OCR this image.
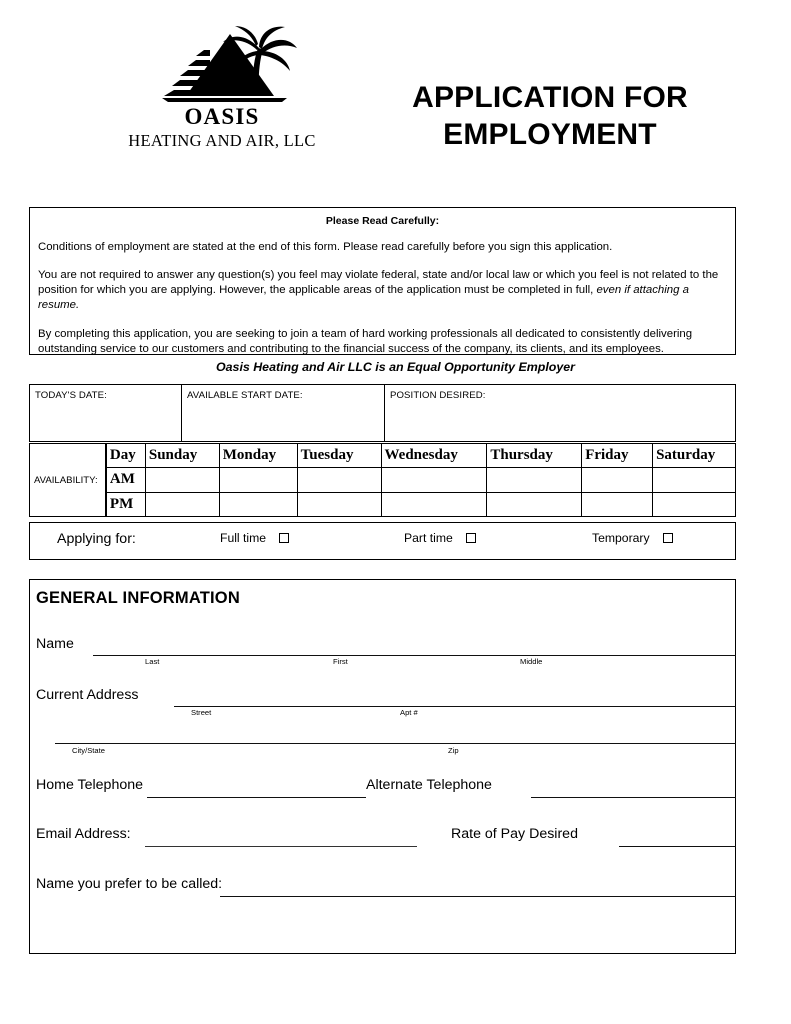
OASIS
HEATING AND AIR, LLC
APPLICATION FOR
EMPLOYMENT
Please Read Carefully:

Conditions of employment are stated at the end of this form. Please read carefully before you sign this application.

You are not required to answer any question(s) you feel may violate federal, state and/or local law or which you feel is not related to the position for which you are applying. However, the applicable areas of the application must be completed in full, even if attaching a resume.

By completing this application, you are seeking to join a team of hard working professionals all dedicated to consistently delivering outstanding service to our customers and contributing to the financial success of the company, its clients, and its employees.

Oasis Heating and Air LLC is an Equal Opportunity Employer
TODAY'S DATE:	AVAILABLE START DATE:	POSITION DESIRED:
AVAILABILITY:
Day	Sunday	Monday	Tuesday	Wednesday	Thursday	Friday	Saturday
AM							
PM							
Applying for:	Full time	Part time	Temporary
GENERAL INFORMATION
Name
Last	First	Middle
Current Address
Street	Apt #
City/State	Zip
Home Telephone	Alternate Telephone
Email Address:	Rate of Pay Desired
Name you prefer to be called:
